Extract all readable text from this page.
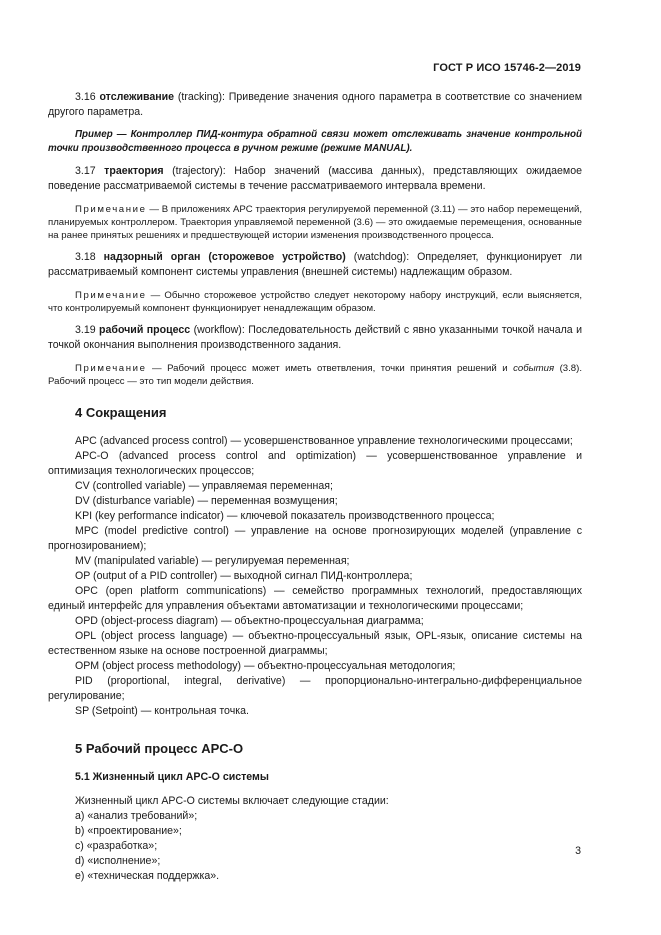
ГОСТ Р ИСО 15746-2—2019

3.16 отслеживание (tracking): Приведение значения одного параметра в соответствие со значением другого параметра.

Пример — Контроллер ПИД-контура обратной связи может отслеживать значение контрольной точки производственного процесса в ручном режиме (режиме MANUAL).

3.17 траектория (trajectory): Набор значений (массива данных), представляющих ожидаемое поведение рассматриваемой системы в течение рассматриваемого интервала времени.

Примечание — В приложениях APC траектория регулируемой переменной (3.11) — это набор перемещений, планируемых контроллером. Траектория управляемой переменной (3.6) — это ожидаемые перемещения, основанные на ранее принятых решениях и предшествующей истории изменения производственного процесса.

3.18 надзорный орган (сторожевое устройство) (watchdog): Определяет, функционирует ли рассматриваемый компонент системы управления (внешней системы) надлежащим образом.

Примечание — Обычно сторожевое устройство следует некоторому набору инструкций, если выясняется, что контролируемый компонент функционирует ненадлежащим образом.

3.19 рабочий процесс (workflow): Последовательность действий с явно указанными точкой начала и точкой окончания выполнения производственного задания.

Примечание — Рабочий процесс может иметь ответвления, точки принятия решений и события (3.8). Рабочий процесс — это тип модели действия.

4 Сокращения

APC (advanced process control) — усовершенствованное управление технологическими процессами;

APC-O (advanced process control and optimization) — усовершенствованное управление и оптимизация технологических процессов;

CV (controlled variable) — управляемая переменная;

DV (disturbance variable) — переменная возмущения;

KPI (key performance indicator) — ключевой показатель производственного процесса;

MPC (model predictive control) — управление на основе прогнозирующих моделей (управление с прогнозированием);

MV (manipulated variable) — регулируемая переменная;

OP (output of a PID controller) — выходной сигнал ПИД-контроллера;

OPC (open platform communications) — семейство программных технологий, предоставляющих единый интерфейс для управления объектами автоматизации и технологическими процессами;

OPD (object-process diagram) — объектно-процессуальная диаграмма;

OPL (object process language) — объектно-процессуальный язык, OPL-язык, описание системы на естественном языке на основе построенной диаграммы;

OPM (object process methodology) — объектно-процессуальная методология;

PID (proportional, integral, derivative) — пропорционально-интегрально-дифференциальное регулирование;

SP (Setpoint) — контрольная точка.

5 Рабочий процесс APC-O
5.1 Жизненный цикл APC-O системы

Жизненный цикл APC-O системы включает следующие стадии:

a) «анализ требований»;

b) «проектирование»;

c) «разработка»;

d) «исполнение»;

e) «техническая поддержка».

3
